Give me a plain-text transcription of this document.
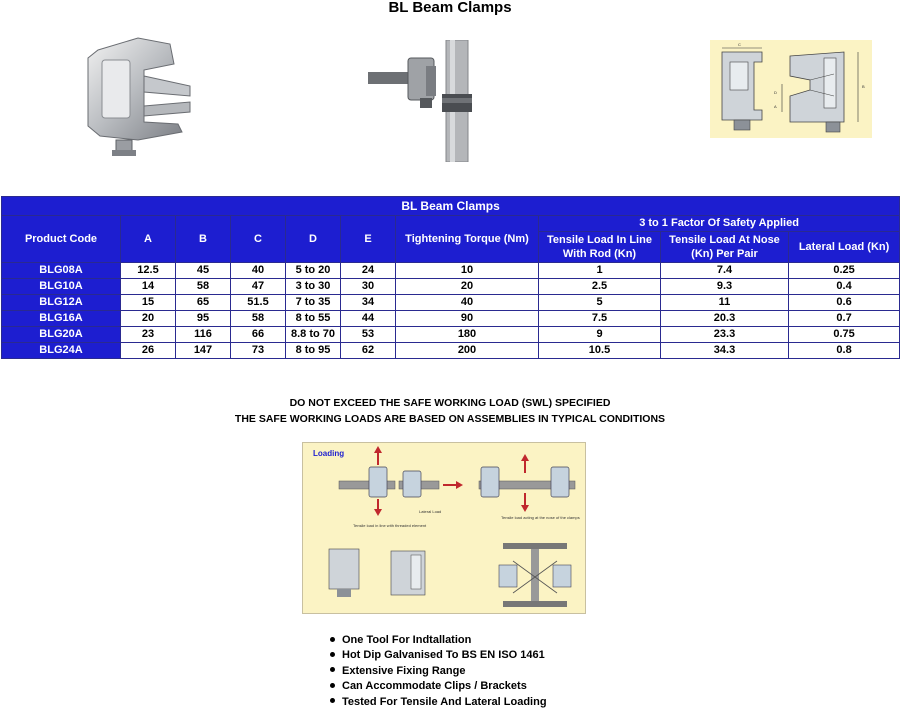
BL Beam Clamps
C
D
A
B
BL Beam Clamps									
Product Code	A	B	C	D	E	Tightening Torque (Nm)	3 to 1 Factor Of Safety Applied		
							Tensile Load In Line With Rod (Kn)	Tensile Load At Nose (Kn) Per Pair	Lateral Load (Kn)
BLG08A	12.5	45	40	5 to 20	24	10	1	7.4	0.25
BLG10A	14	58	47	3 to 30	30	20	2.5	9.3	0.4
BLG12A	15	65	51.5	7 to 35	34	40	5	11	0.6
BLG16A	20	95	58	8 to 55	44	90	7.5	20.3	0.7
BLG20A	23	116	66	8.8 to 70	53	180	9	23.3	0.75
BLG24A	26	147	73	8 to 95	62	200	10.5	34.3	0.8
DO NOT EXCEED THE SAFE WORKING LOAD (SWL) SPECIFIED
THE SAFE WORKING LOADS ARE BASED ON ASSEMBLIES IN TYPICAL CONDITIONS
Loading
Tensile load in line with threaded element
Lateral Load
Tensile load acting at the nose of the clamps
One Tool For Indtallation
Hot Dip Galvanised To BS EN ISO 1461
Extensive Fixing Range
Can Accommodate Clips / Brackets
Tested For Tensile And Lateral Loading
